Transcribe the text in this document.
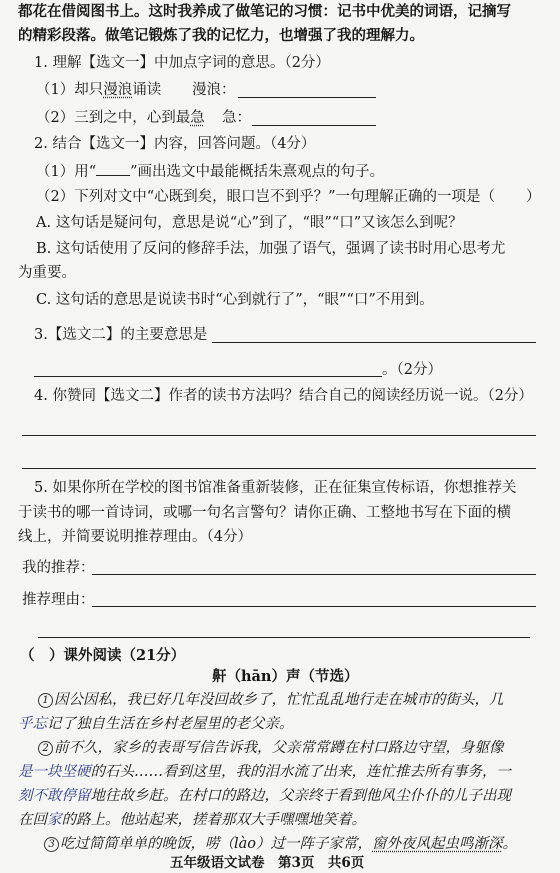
都花在借阅图书上。这时我养成了做笔记的习惯：记书中优美的词语，记摘写
的精彩段落。做笔记锻炼了我的记忆力，也增强了我的理解力。
1. 理解【选文一】中加点字词的意思。（2分）
（1）却只漫浪诵读 漫浪：
（2）三到之中，心到最急 急：
2. 结合【选文一】内容，回答问题。（4分）
（1）用“ ”画出选文中最能概括朱熹观点的句子。
（2）下列对文中“心既到矣，眼口岂不到乎？”一句理解正确的一项是（ ）
A. 这句话是疑问句，意思是说“心”到了，“眼”“口”又该怎么到呢？
B. 这句话使用了反问的修辞手法，加强了语气，强调了读书时用心思考尤
为重要。
C. 这句话的意思是说读书时“心到就行了”，“眼”“口”不用到。
3.【选文二】的主要意思是
。（2分）
4. 你赞同【选文二】作者的读书方法吗？结合自己的阅读经历说一说。（2分）
5. 如果你所在学校的图书馆准备重新装修，正在征集宣传标语，你想推荐关
于读书的哪一首诗词，或哪一句名言警句？请你正确、工整地书写在下面的横
线上，并简要说明推荐理由。（4分）
我的推荐：
推荐理由：
（　）课外阅读（21分）
鼾（hān）声（节选）
1 因公因私，我已好几年没回故乡了，忙忙乱乱地行走在城市的街头，几
乎忘记了独自生活在乡村老屋里的老父亲。
2 前不久，家乡的表哥写信告诉我，父亲常常蹲在村口路边守望，身躯像
是一块坚硬的石头……看到这里，我的泪水流了出来，连忙推去所有事务，一
刻不敢停留地往故乡赶。在村口的路边，父亲终于看到他风尘仆仆的儿子出现
在回家的路上。他站起来，搓着那双大手嘿嘿地笑着。
3 吃过简简单单的晚饭，唠（lào）过一阵子家常，窗外夜风起虫鸣渐深。
五年级语文试卷　第3页　共6页
